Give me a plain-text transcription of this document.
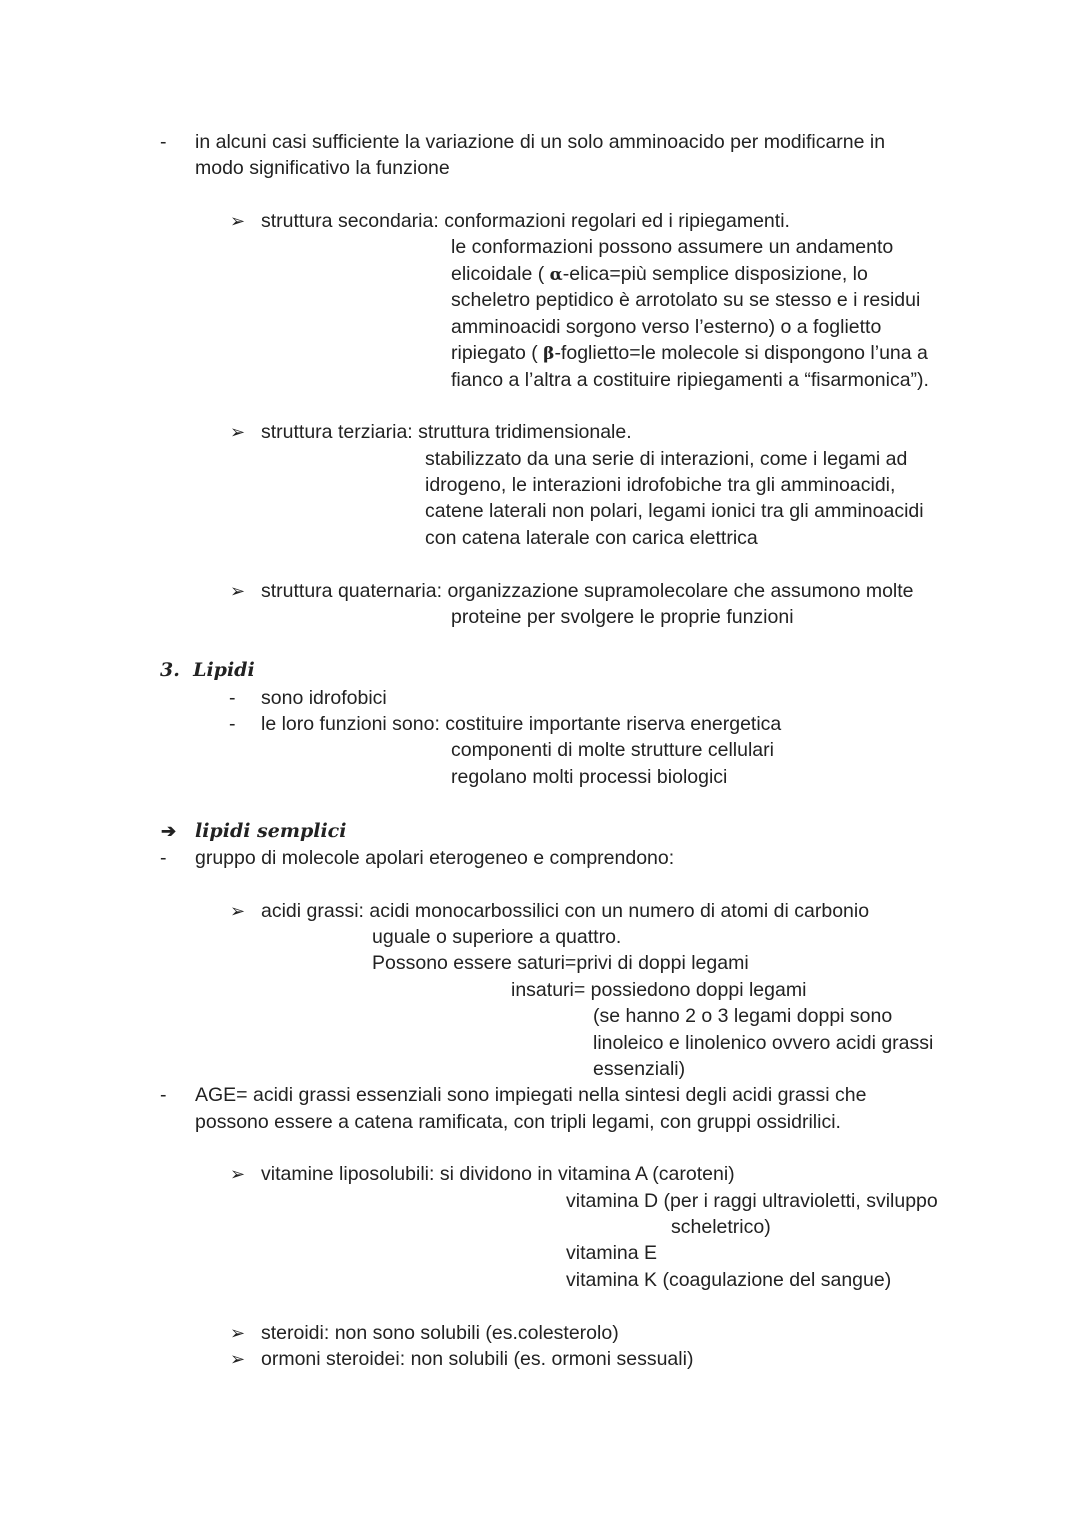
- in alcuni casi sufficiente la variazione di un solo amminoacido per modificarne in
modo significativo la funzione
➢ struttura secondaria: conformazioni regolari ed i ripiegamenti.
le conformazioni possono assumere un andamento
elicoidale ( α-elica=più semplice disposizione, lo
scheletro peptidico è arrotolato su se stesso e i residui
amminoacidi sorgono verso l’esterno) o a foglietto
ripiegato ( β-foglietto=le molecole si dispongono l’una a
fianco a l’altra a costituire ripiegamenti a “fisarmonica”).
➢ struttura terziaria: struttura tridimensionale.
stabilizzato da una serie di interazioni, come i legami ad
idrogeno, le interazioni idrofobiche tra gli amminoacidi,
catene laterali non polari, legami ionici tra gli amminoacidi
con catena laterale con carica elettrica
➢ struttura quaternaria: organizzazione supramolecolare che assumono molte
proteine per svolgere le proprie funzioni
3. Lipidi
- sono idrofobici
- le loro funzioni sono: costituire importante riserva energetica
componenti di molte strutture cellulari
regolano molti processi biologici
➔ lipidi semplici
- gruppo di molecole apolari eterogeneo e comprendono:
➢ acidi grassi: acidi monocarbossilici con un numero di atomi di carbonio
uguale o superiore a quattro.
Possono essere saturi=privi di doppi legami
insaturi= possiedono doppi legami
(se hanno 2 o 3 legami doppi sono
linoleico e linolenico ovvero acidi grassi
essenziali)
- AGE= acidi grassi essenziali sono impiegati nella sintesi degli acidi grassi che
possono essere a catena ramificata, con tripli legami, con gruppi ossidrilici.
➢ vitamine liposolubili: si dividono in vitamina A (caroteni)
vitamina D (per i raggi ultravioletti, sviluppo
scheletrico)
vitamina E
vitamina K (coagulazione del sangue)
➢ steroidi: non sono solubili (es.colesterolo)
➢ ormoni steroidei: non solubili (es. ormoni sessuali)
